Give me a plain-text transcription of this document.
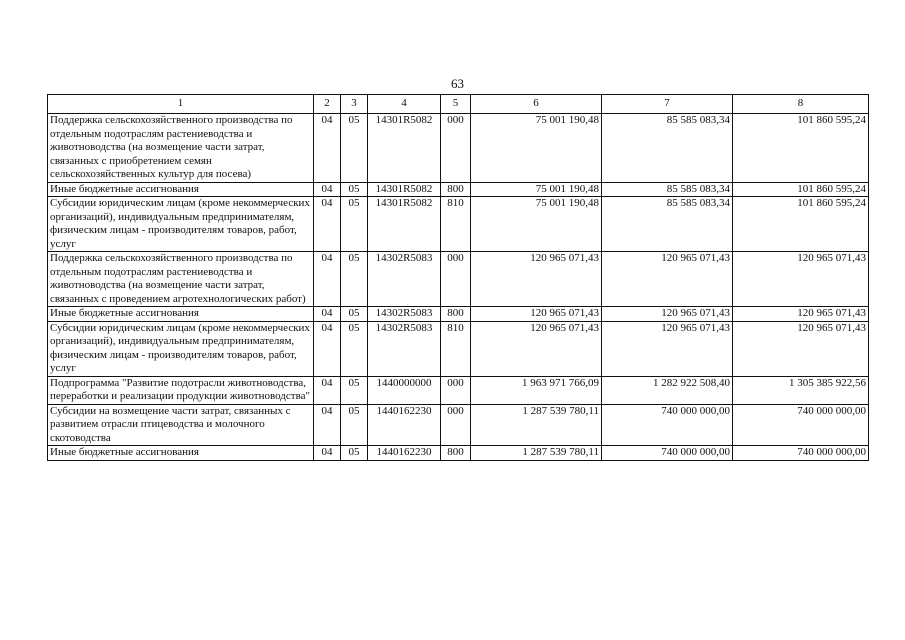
63
1	2	3	4	5	6	7	8
Поддержка сельскохозяйственного производства по отдельным подотраслям растениеводства и животноводства (на возмещение части затрат, связанных с приобретением семян сельскохозяйственных культур для посева)	04	05	14301R5082	000	75 001 190,48	85 585 083,34	101 860 595,24
Иные бюджетные ассигнования	04	05	14301R5082	800	75 001 190,48	85 585 083,34	101 860 595,24
Субсидии юридическим лицам (кроме некоммерческих организаций), индивидуальным предпринимателям, физическим лицам - производителям товаров, работ, услуг	04	05	14301R5082	810	75 001 190,48	85 585 083,34	101 860 595,24
Поддержка сельскохозяйственного производства по отдельным подотраслям растениеводства и животноводства (на возмещение части затрат, связанных с проведением агротехнологических работ)	04	05	14302R5083	000	120 965 071,43	120 965 071,43	120 965 071,43
Иные бюджетные ассигнования	04	05	14302R5083	800	120 965 071,43	120 965 071,43	120 965 071,43
Субсидии юридическим лицам (кроме некоммерческих организаций), индивидуальным предпринимателям, физическим лицам - производителям товаров, работ, услуг	04	05	14302R5083	810	120 965 071,43	120 965 071,43	120 965 071,43
Подпрограмма "Развитие подотрасли животноводства, переработки и реализации продукции животноводства"	04	05	1440000000	000	1 963 971 766,09	1 282 922 508,40	1 305 385 922,56
Субсидии на возмещение части затрат, связанных с развитием отрасли птицеводства и молочного скотоводства	04	05	1440162230	000	1 287 539 780,11	740 000 000,00	740 000 000,00
Иные бюджетные ассигнования	04	05	1440162230	800	1 287 539 780,11	740 000 000,00	740 000 000,00
